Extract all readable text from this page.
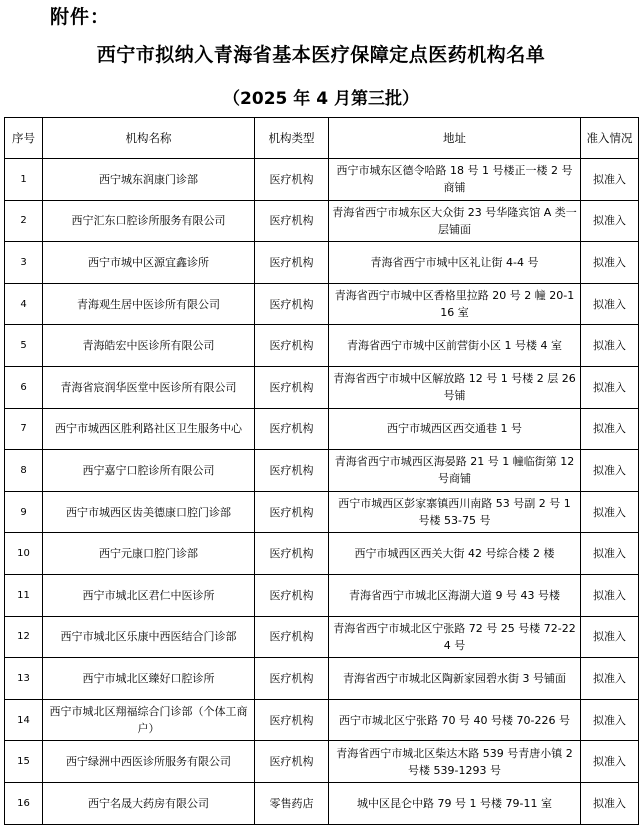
附件：
西宁市拟纳入青海省基本医疗保障定点医药机构名单
（2025 年 4 月第三批）
序号	机构名称	机构类型	地址	准入情况
1	西宁城东润康门诊部	医疗机构	西宁市城东区德令哈路 18 号 1 号楼正一楼 2 号商铺	拟准入
2	西宁汇东口腔诊所服务有限公司	医疗机构	青海省西宁市城东区大众街 23 号华隆宾馆 A 类一层铺面	拟准入
3	西宁市城中区源宜鑫诊所	医疗机构	青海省西宁市城中区礼让街 4-4 号	拟准入
4	青海观生居中医诊所有限公司	医疗机构	青海省西宁市城中区香格里拉路 20 号 2 幢 20-116 室	拟准入
5	青海皓宏中医诊所有限公司	医疗机构	青海省西宁市城中区前营街小区 1 号楼 4 室	拟准入
6	青海省宸润华医堂中医诊所有限公司	医疗机构	青海省西宁市城中区解放路 12 号 1 号楼 2 层 26 号铺	拟准入
7	西宁市城西区胜利路社区卫生服务中心	医疗机构	西宁市城西区西交通巷 1 号	拟准入
8	西宁嘉宁口腔诊所有限公司	医疗机构	青海省西宁市城西区海晏路 21 号 1 幢临街第 12 号商铺	拟准入
9	西宁市城西区齿美德康口腔门诊部	医疗机构	西宁市城西区彭家寨镇西川南路 53 号副 2 号 1 号楼 53-75 号	拟准入
10	西宁元康口腔门诊部	医疗机构	西宁市城西区西关大街 42 号综合楼 2 楼	拟准入
11	西宁市城北区君仁中医诊所	医疗机构	青海省西宁市城北区海湖大道 9 号 43 号楼	拟准入
12	西宁市城北区乐康中西医结合门诊部	医疗机构	青海省西宁市城北区宁张路 72 号 25 号楼 72-224 号	拟准入
13	西宁市城北区臻好口腔诊所	医疗机构	青海省西宁市城北区陶新家园碧水街 3 号铺面	拟准入
14	西宁市城北区翔福综合门诊部（个体工商户）	医疗机构	西宁市城北区宁张路 70 号 40 号楼 70-226 号	拟准入
15	西宁绿洲中西医诊所服务有限公司	医疗机构	青海省西宁市城北区柴达木路 539 号青唐小镇 2 号楼 539-1293 号	拟准入
16	西宁名晟大药房有限公司	零售药店	城中区昆仑中路 79 号 1 号楼 79-11 室	拟准入
